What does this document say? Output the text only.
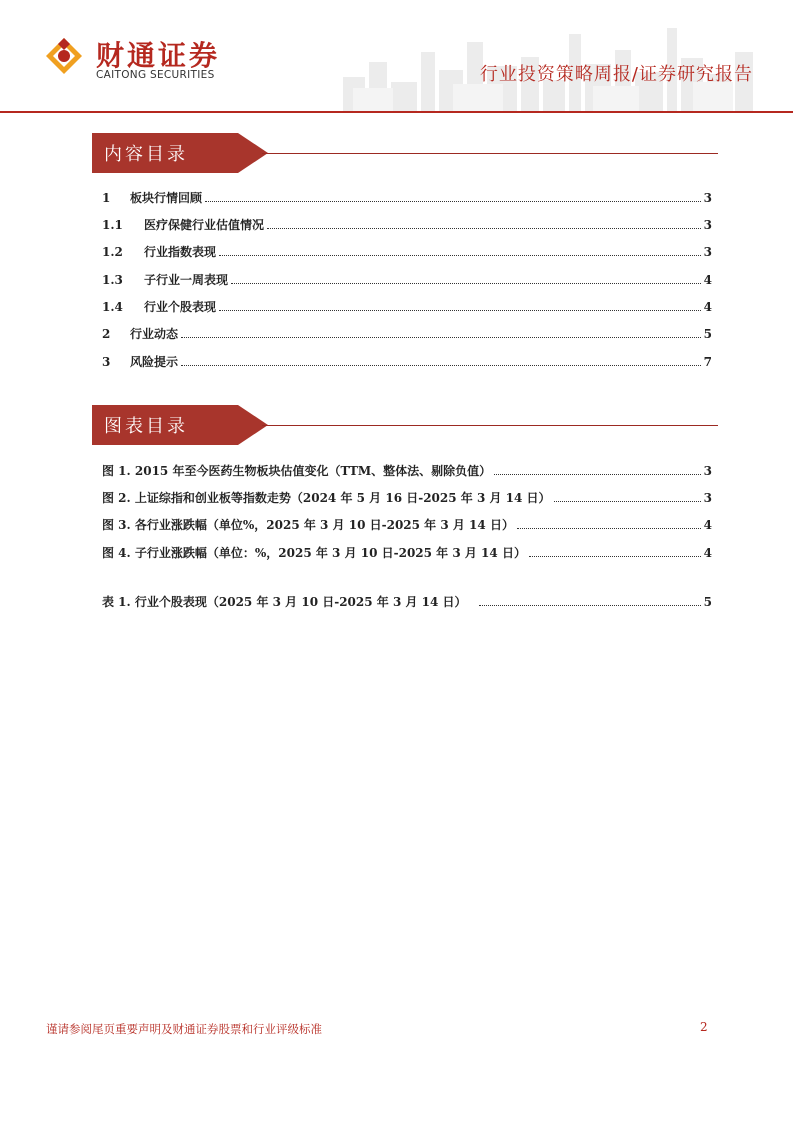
财通证券
CAITONG SECURITIES	行业投资策略周报/证券研究报告
内容目录
1	板块行情回顾	3
1.1	医疗保健行业估值情况	3
1.2	行业指数表现	3
1.3	子行业一周表现	4
1.4	行业个股表现	4
2	行业动态	5
3	风险提示	7
图表目录
图 1. 2015 年至今医药生物板块估值变化（TTM、整体法、剔除负值）	3
图 2. 上证综指和创业板等指数走势（2024 年 5 月 16 日-2025 年 3 月 14 日）	3
图 3. 各行业涨跌幅（单位%，2025 年 3 月 10 日-2025 年 3 月 14 日）	4
图 4. 子行业涨跌幅（单位：%，2025 年 3 月 10 日-2025 年 3 月 14 日）	4
表 1. 行业个股表现（2025 年 3 月 10 日-2025 年 3 月 14 日）	5
谨请参阅尾页重要声明及财通证券股票和行业评级标准	2
